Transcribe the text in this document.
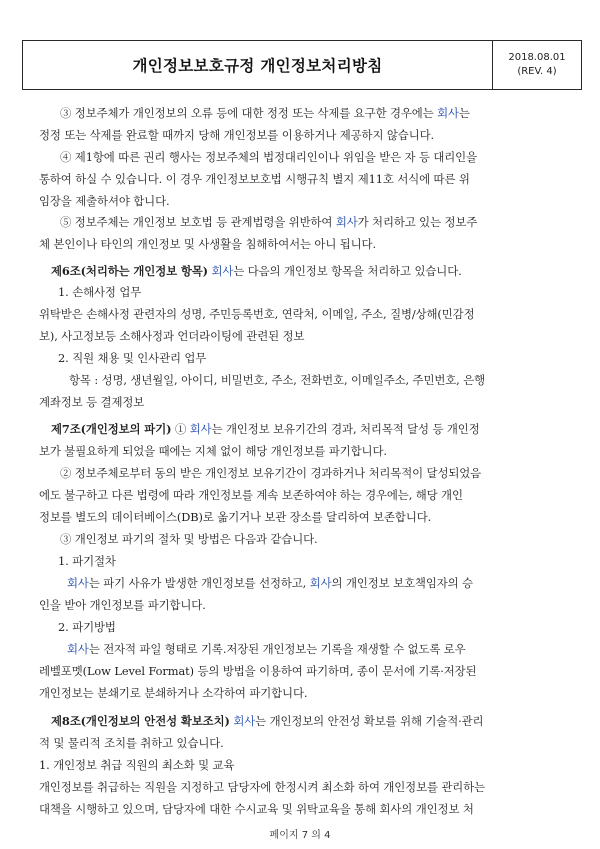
개인정보보호규정 개인정보처리방침	2018.08.01
(REV. 4)
③ 정보주체가 개인정보의 오류 등에 대한 정정 또는 삭제를 요구한 경우에는 회사는
정정 또는 삭제를 완료할 때까지 당해 개인정보를 이용하거나 제공하지 않습니다.
④ 제1항에 따른 권리 행사는 정보주체의 법정대리인이나 위임을 받은 자 등 대리인을
통하여 하실 수 있습니다. 이 경우 개인정보보호법 시행규칙 별지 제11호 서식에 따른 위
임장을 제출하셔야 합니다.
⑤ 정보주체는 개인정보 보호법 등 관계법령을 위반하여 회사가 처리하고 있는 정보주
체 본인이나 타인의 개인정보 및 사생활을 침해하여서는 아니 됩니다.
제6조(처리하는 개인정보 항목) 회사는 다음의 개인정보 항목을 처리하고 있습니다.
1. 손해사정 업무
위탁받은 손해사정 관련자의 성명, 주민등록번호, 연락처, 이메일, 주소, 질병/상해(민감정
보), 사고정보등 소해사정과 언더라이팅에 관련된 정보
2. 직원 채용 및 인사관리 업무
항목 : 성명, 생년월일, 아이디, 비밀번호, 주소, 전화번호, 이메일주소, 주민번호, 은행
계좌정보 등 결제정보
제7조(개인정보의 파기) ① 회사는 개인정보 보유기간의 경과, 처리목적 달성 등 개인정
보가 불필요하게 되었을 때에는 지체 없이 해당 개인정보를 파기합니다.
② 정보주체로부터 동의 받은 개인정보 보유기간이 경과하거나 처리목적이 달성되었음
에도 불구하고 다른 법령에 따라 개인정보를 계속 보존하여야 하는 경우에는, 해당 개인
정보를 별도의 데이터베이스(DB)로 옮기거나 보관 장소를 달리하여 보존합니다.
③ 개인정보 파기의 절차 및 방법은 다음과 같습니다.
1. 파기절차
회사는 파기 사유가 발생한 개인정보를 선정하고, 회사의 개인정보 보호책임자의 승
인을 받아 개인정보를 파기합니다.
2. 파기방법
회사는 전자적 파일 형태로 기록.저장된 개인정보는 기록을 재생할 수 없도록 로우
레벨포멧(Low Level Format) 등의 방법을 이용하여 파기하며, 종이 문서에 기록·저장된
개인정보는 분쇄기로 분쇄하거나 소각하여 파기합니다.
제8조(개인정보의 안전성 확보조치) 회사는 개인정보의 안전성 확보를 위해 기술적·관리
적 및 물리적 조치를 취하고 있습니다.
1. 개인정보 취급 직원의 최소화 및 교육
개인정보를 취급하는 직원을 지정하고 담당자에 한정시켜 최소화 하여 개인정보를 관리하는
대책을 시행하고 있으며, 담당자에 대한 수시교육 및 위탁교육을 통해 회사의 개인정보 처
페이지 7 의 4
